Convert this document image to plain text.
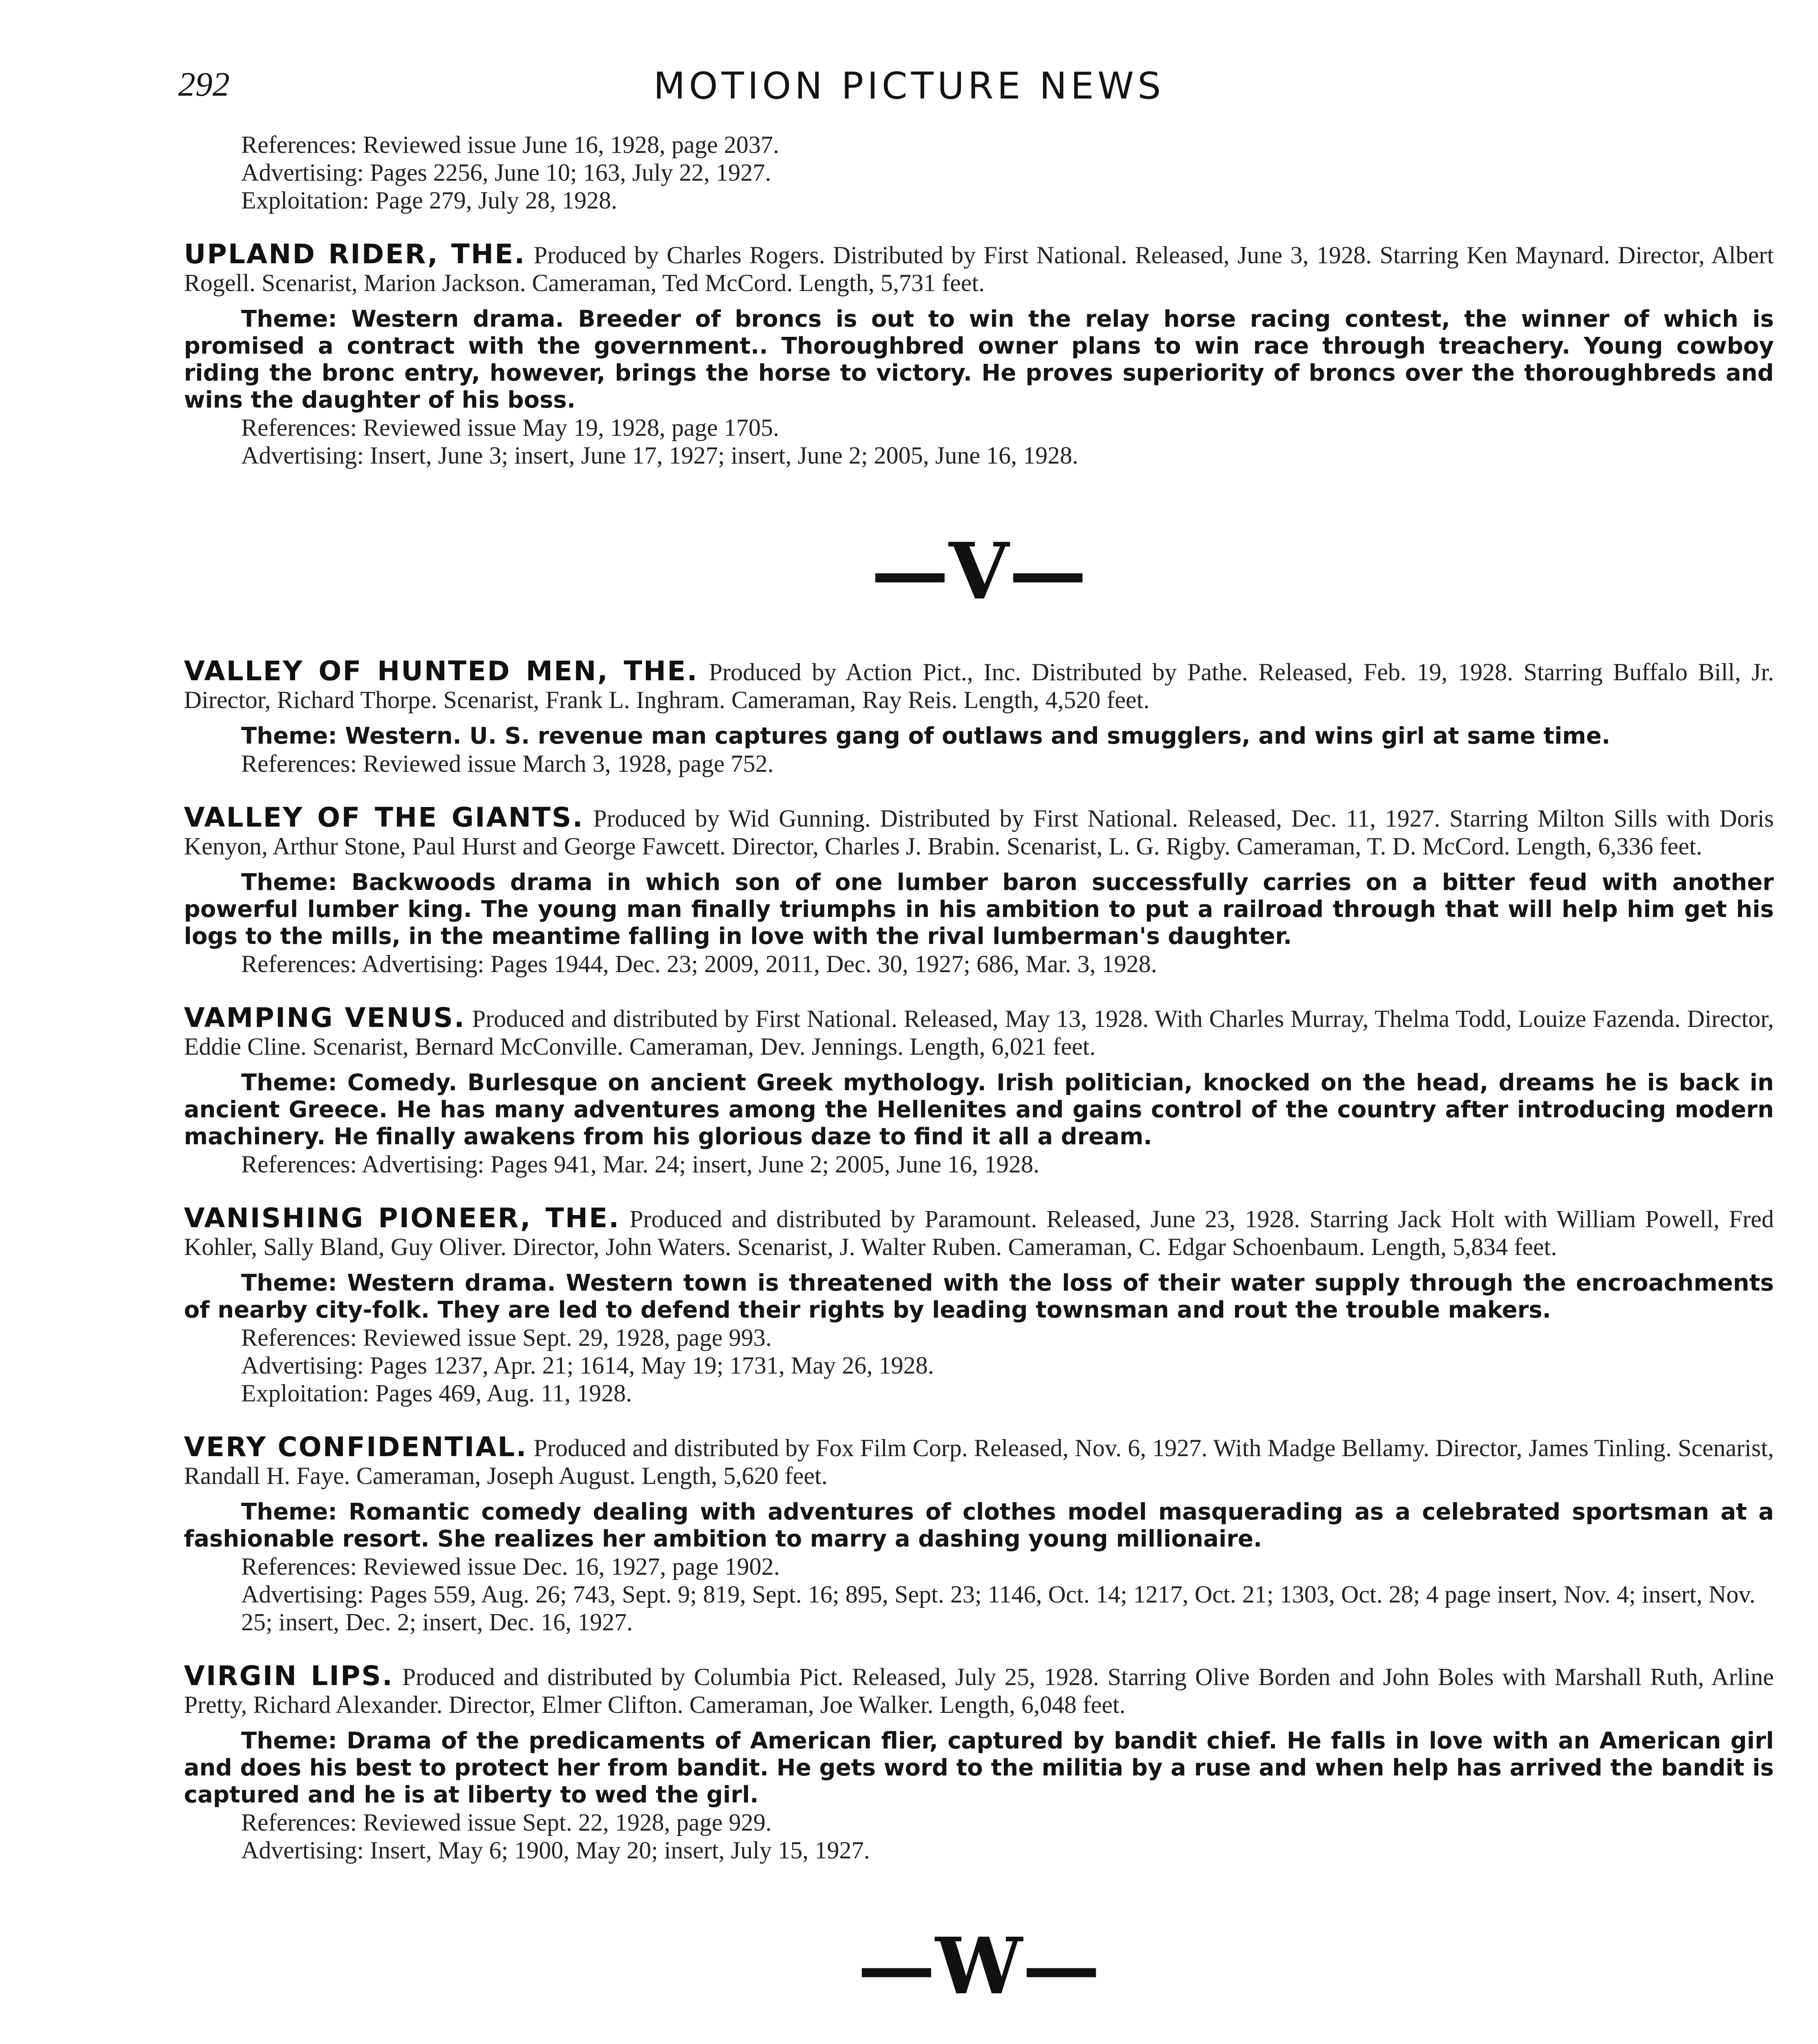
292	MOTION PICTURE NEWS

References: Reviewed issue June 16, 1928, page 2037.

Advertising: Pages 2256, June 10; 163, July 22, 1927.

Exploitation: Page 279, July 28, 1928.

UPLAND RIDER, THE. Produced by Charles Rogers. Distributed by First National. Released, June 3, 1928. Starring Ken Maynard. Director, Albert Rogell. Scenarist, Marion Jackson. Cameraman, Ted McCord. Length, 5,731 feet.

Theme: Western drama. Breeder of broncs is out to win the relay horse racing contest, the winner of which is promised a contract with the government.. Thoroughbred owner plans to win race through treachery. Young cowboy riding the bronc entry, however, brings the horse to victory. He proves superiority of broncs over the thoroughbreds and wins the daughter of his boss.

References: Reviewed issue May 19, 1928, page 1705.

Advertising: Insert, June 3; insert, June 17, 1927; insert, June 2; 2005, June 16, 1928.

—V—

VALLEY OF HUNTED MEN, THE. Produced by Action Pict., Inc. Distributed by Pathe. Released, Feb. 19, 1928. Starring Buffalo Bill, Jr. Director, Richard Thorpe. Scenarist, Frank L. Inghram. Cameraman, Ray Reis. Length, 4,520 feet.

Theme: Western. U. S. revenue man captures gang of outlaws and smugglers, and wins girl at same time.

References: Reviewed issue March 3, 1928, page 752.

VALLEY OF THE GIANTS. Produced by Wid Gunning. Distributed by First National. Released, Dec. 11, 1927. Starring Milton Sills with Doris Kenyon, Arthur Stone, Paul Hurst and George Fawcett. Director, Charles J. Brabin. Scenarist, L. G. Rigby. Cameraman, T. D. McCord. Length, 6,336 feet.

Theme: Backwoods drama in which son of one lumber baron successfully carries on a bitter feud with another powerful lumber king. The young man finally triumphs in his ambition to put a railroad through that will help him get his logs to the mills, in the meantime falling in love with the rival lumberman's daughter.

References: Advertising: Pages 1944, Dec. 23; 2009, 2011, Dec. 30, 1927; 686, Mar. 3, 1928.

VAMPING VENUS. Produced and distributed by First National. Released, May 13, 1928. With Charles Murray, Thelma Todd, Louize Fazenda. Director, Eddie Cline. Scenarist, Bernard McConville. Cameraman, Dev. Jennings. Length, 6,021 feet.

Theme: Comedy. Burlesque on ancient Greek mythology. Irish politician, knocked on the head, dreams he is back in ancient Greece. He has many adventures among the Hellenites and gains control of the country after introducing modern machinery. He finally awakens from his glorious daze to find it all a dream.

References: Advertising: Pages 941, Mar. 24; insert, June 2; 2005, June 16, 1928.

VANISHING PIONEER, THE. Produced and distributed by Paramount. Released, June 23, 1928. Starring Jack Holt with William Powell, Fred Kohler, Sally Bland, Guy Oliver. Director, John Waters. Scenarist, J. Walter Ruben. Cameraman, C. Edgar Schoenbaum. Length, 5,834 feet.

Theme: Western drama. Western town is threatened with the loss of their water supply through the encroachments of nearby city-folk. They are led to defend their rights by leading townsman and rout the trouble makers.

References: Reviewed issue Sept. 29, 1928, page 993.

Advertising: Pages 1237, Apr. 21; 1614, May 19; 1731, May 26, 1928.

Exploitation: Pages 469, Aug. 11, 1928.

VERY CONFIDENTIAL. Produced and distributed by Fox Film Corp. Released, Nov. 6, 1927. With Madge Bellamy. Director, James Tinling. Scenarist, Randall H. Faye. Cameraman, Joseph August. Length, 5,620 feet.

Theme: Romantic comedy dealing with adventures of clothes model masquerading as a celebrated sportsman at a fashionable resort. She realizes her ambition to marry a dashing young millionaire.

References: Reviewed issue Dec. 16, 1927, page 1902.

Advertising: Pages 559, Aug. 26; 743, Sept. 9; 819, Sept. 16; 895, Sept. 23; 1146, Oct. 14; 1217, Oct. 21; 1303, Oct. 28; 4 page insert, Nov. 4; insert, Nov. 25; insert, Dec. 2; insert, Dec. 16, 1927.

VIRGIN LIPS. Produced and distributed by Columbia Pict. Released, July 25, 1928. Starring Olive Borden and John Boles with Marshall Ruth, Arline Pretty, Richard Alexander. Director, Elmer Clifton. Cameraman, Joe Walker. Length, 6,048 feet.

Theme: Drama of the predicaments of American flier, captured by bandit chief. He falls in love with an American girl and does his best to protect her from bandit. He gets word to the militia by a ruse and when help has arrived the bandit is captured and he is at liberty to wed the girl.

References: Reviewed issue Sept. 22, 1928, page 929.

Advertising: Insert, May 6; 1900, May 20; insert, July 15, 1927.

—W—
